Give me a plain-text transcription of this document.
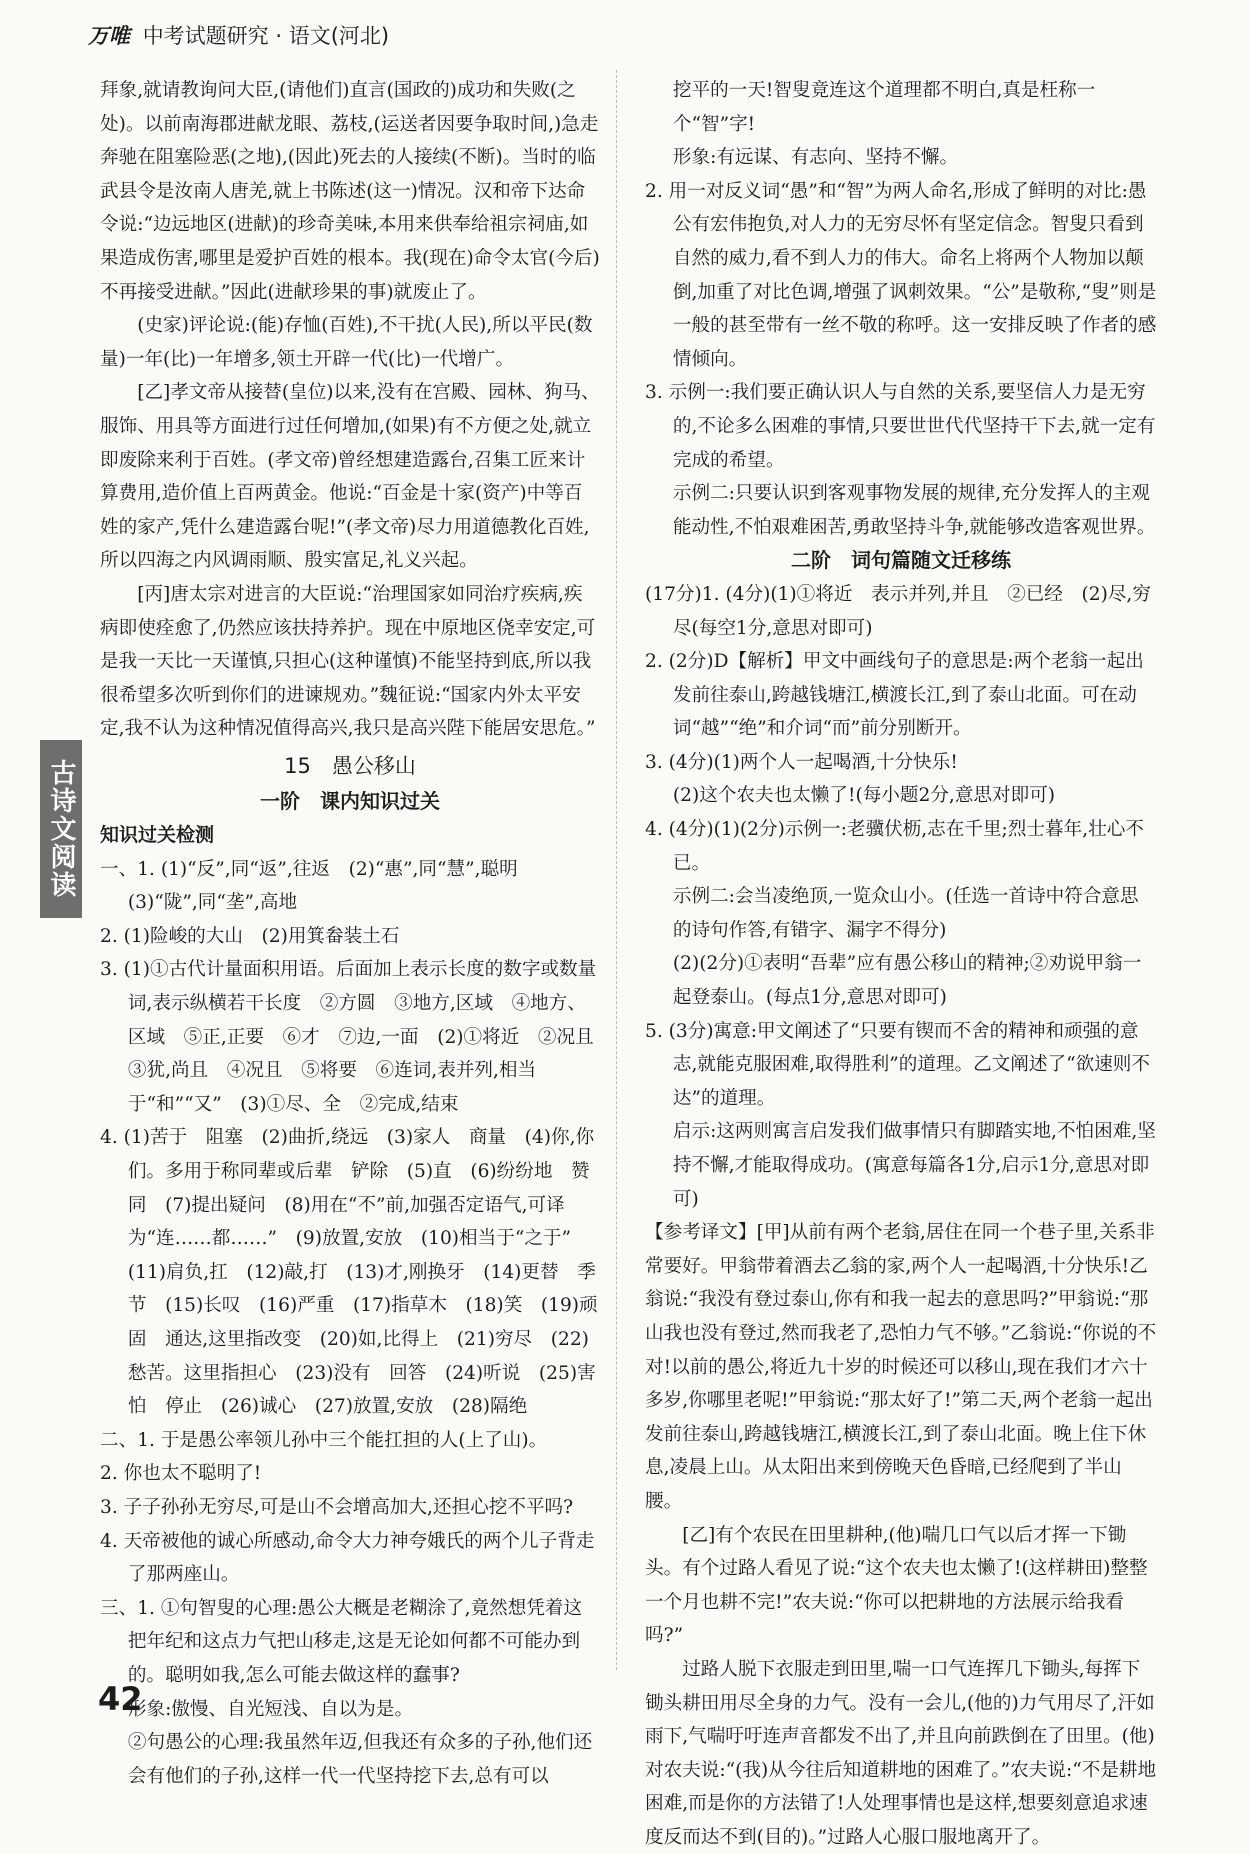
万唯 中考试题研究 · 语文(河北)
古诗文阅读

拜象,就请教询问大臣,(请他们)直言(国政的)成功和失败(之处)。以前南海郡进献龙眼、荔枝,(运送者因要争取时间,)急走奔驰在阻塞险恶(之地),(因此)死去的人接续(不断)。当时的临武县令是汝南人唐羌,就上书陈述(这一)情况。汉和帝下达命令说:“边远地区(进献)的珍奇美味,本用来供奉给祖宗祠庙,如果造成伤害,哪里是爱护百姓的根本。我(现在)命令太官(今后)不再接受进献。”因此(进献珍果的事)就废止了。

(史家)评论说:(能)存恤(百姓),不干扰(人民),所以平民(数量)一年(比)一年增多,领土开辟一代(比)一代增广。

[乙]孝文帝从接替(皇位)以来,没有在宫殿、园林、狗马、服饰、用具等方面进行过任何增加,(如果)有不方便之处,就立即废除来利于百姓。(孝文帝)曾经想建造露台,召集工匠来计算费用,造价值上百两黄金。他说:“百金是十家(资产)中等百姓的家产,凭什么建造露台呢!”(孝文帝)尽力用道德教化百姓,所以四海之内风调雨顺、殷实富足,礼义兴起。

[丙]唐太宗对进言的大臣说:“治理国家如同治疗疾病,疾病即使痊愈了,仍然应该扶持养护。现在中原地区侥幸安定,可是我一天比一天谨慎,只担心(这种谨慎)不能坚持到底,所以我很希望多次听到你们的进谏规劝。”魏征说:“国家内外太平安定,我不认为这种情况值得高兴,我只是高兴陛下能居安思危。”

15　愚公移山
一阶　课内知识过关
知识过关检测

一、1. (1)“反”,同“返”,往返　(2)“惠”,同“慧”,聪明　(3)“陇”,同“垄”,高地

2. (1)险峻的大山　(2)用箕畚装土石

3. (1)①古代计量面积用语。后面加上表示长度的数字或数量词,表示纵横若干长度　②方圆　③地方,区域　④地方、区域　⑤正,正要　⑥才　⑦边,一面　(2)①将近　②况且　③犹,尚且　④况且　⑤将要　⑥连词,表并列,相当于“和”“又”　(3)①尽、全　②完成,结束

4. (1)苦于　阻塞　(2)曲折,绕远　(3)家人　商量　(4)你,你们。多用于称同辈或后辈　铲除　(5)直　(6)纷纷地　赞同　(7)提出疑问　(8)用在“不”前,加强否定语气,可译为“连……都……”　(9)放置,安放　(10)相当于“之于”　(11)肩负,扛　(12)敲,打　(13)才,刚换牙　(14)更替　季节　(15)长叹　(16)严重　(17)指草木　(18)笑　(19)顽固　通达,这里指改变　(20)如,比得上　(21)穷尽　(22)愁苦。这里指担心　(23)没有　回答　(24)听说　(25)害怕　停止　(26)诚心　(27)放置,安放　(28)隔绝

二、1. 于是愚公率领儿孙中三个能扛担的人(上了山)。

2. 你也太不聪明了!

3. 子子孙孙无穷尽,可是山不会增高加大,还担心挖不平吗?

4. 天帝被他的诚心所感动,命令大力神夸娥氏的两个儿子背走了那两座山。

三、1. ①句智叟的心理:愚公大概是老糊涂了,竟然想凭着这把年纪和这点力气把山移走,这是无论如何都不可能办到的。聪明如我,怎么可能去做这样的蠢事?

形象:傲慢、自光短浅、自以为是。

②句愚公的心理:我虽然年迈,但我还有众多的子孙,他们还会有他们的子孙,这样一代一代坚持挖下去,总有可以

挖平的一天!智叟竟连这个道理都不明白,真是枉称一个“智”字!

形象:有远谋、有志向、坚持不懈。

2. 用一对反义词“愚”和“智”为两人命名,形成了鲜明的对比:愚公有宏伟抱负,对人力的无穷尽怀有坚定信念。智叟只看到自然的威力,看不到人力的伟大。命名上将两个人物加以颠倒,加重了对比色调,增强了讽刺效果。“公”是敬称,“叟”则是一般的甚至带有一丝不敬的称呼。这一安排反映了作者的感情倾向。

3. 示例一:我们要正确认识人与自然的关系,要坚信人力是无穷的,不论多么困难的事情,只要世世代代坚持干下去,就一定有完成的希望。

示例二:只要认识到客观事物发展的规律,充分发挥人的主观能动性,不怕艰难困苦,勇敢坚持斗争,就能够改造客观世界。

二阶　词句篇随文迁移练

(17分)1. (4分)(1)①将近　表示并列,并且　②已经　(2)尽,穷尽(每空1分,意思对即可)

2. (2分)D【解析】甲文中画线句子的意思是:两个老翁一起出发前往泰山,跨越钱塘江,横渡长江,到了泰山北面。可在动词“越”“绝”和介词“而”前分别断开。

3. (4分)(1)两个人一起喝酒,十分快乐!

(2)这个农夫也太懒了!(每小题2分,意思对即可)

4. (4分)(1)(2分)示例一:老骥伏枥,志在千里;烈士暮年,壮心不已。

示例二:会当凌绝顶,一览众山小。(任选一首诗中符合意思的诗句作答,有错字、漏字不得分)

(2)(2分)①表明“吾辈”应有愚公移山的精神;②劝说甲翁一起登泰山。(每点1分,意思对即可)

5. (3分)寓意:甲文阐述了“只要有锲而不舍的精神和顽强的意志,就能克服困难,取得胜利”的道理。乙文阐述了“欲速则不达”的道理。

启示:这两则寓言启发我们做事情只有脚踏实地,不怕困难,坚持不懈,才能取得成功。(寓意每篇各1分,启示1分,意思对即可)

【参考译文】[甲]从前有两个老翁,居住在同一个巷子里,关系非常要好。甲翁带着酒去乙翁的家,两个人一起喝酒,十分快乐!乙翁说:“我没有登过泰山,你有和我一起去的意思吗?”甲翁说:“那山我也没有登过,然而我老了,恐怕力气不够。”乙翁说:“你说的不对!以前的愚公,将近九十岁的时候还可以移山,现在我们才六十多岁,你哪里老呢!”甲翁说:“那太好了!”第二天,两个老翁一起出发前往泰山,跨越钱塘江,横渡长江,到了泰山北面。晚上住下休息,凌晨上山。从太阳出来到傍晚天色昏暗,已经爬到了半山腰。

[乙]有个农民在田里耕种,(他)喘几口气以后才挥一下锄头。有个过路人看见了说:“这个农夫也太懒了!(这样耕田)整整一个月也耕不完!”农夫说:“你可以把耕地的方法展示给我看吗?”

过路人脱下衣服走到田里,喘一口气连挥几下锄头,每挥下锄头耕田用尽全身的力气。没有一会儿,(他的)力气用尽了,汗如雨下,气喘吁吁连声音都发不出了,并且向前跌倒在了田里。(他)对农夫说:“(我)从今往后知道耕地的困难了。”农夫说:“不是耕地困难,而是你的方法错了!人处理事情也是这样,想要刻意追求速度反而达不到(目的)。”过路人心服口服地离开了。

42
